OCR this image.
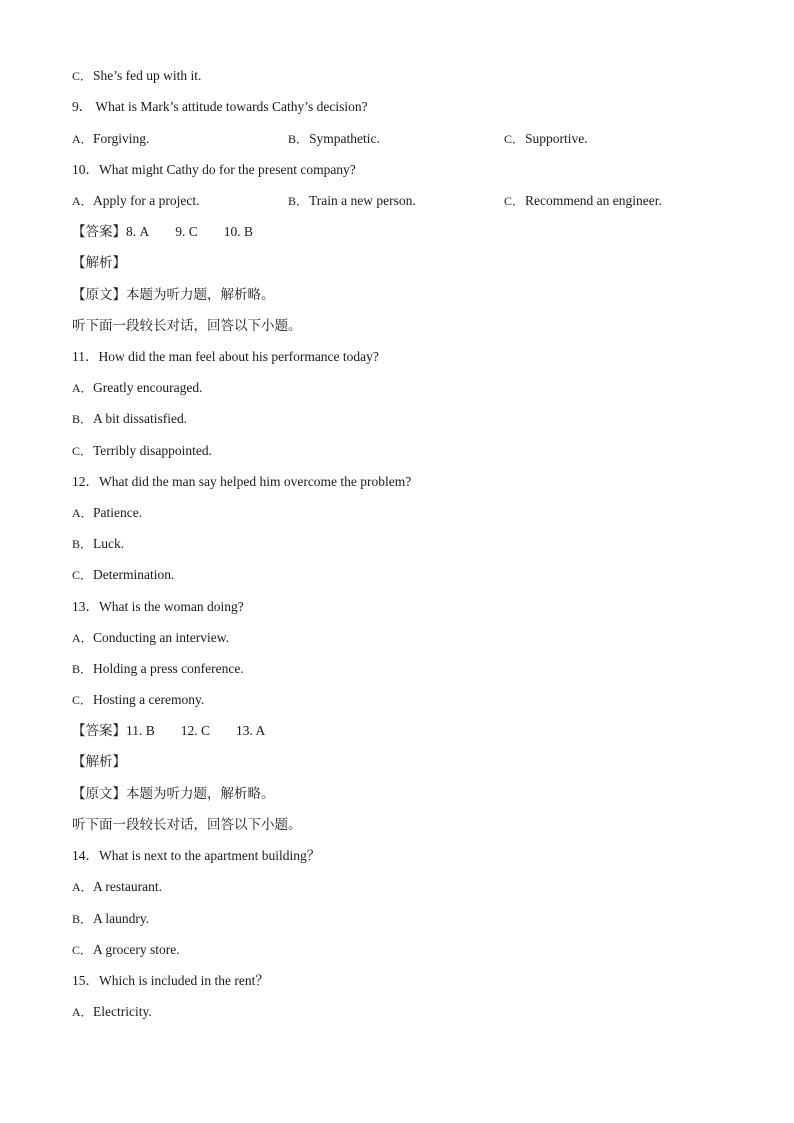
C．She’s fed up with it.
9． What is Mark’s attitude towards Cathy’s decision?
A．Forgiving.	B．Sympathetic.	C．Supportive.
10．What might Cathy do for the present company?
A．Apply for a project.	B．Train a new person.	C．Recommend an engineer.
【答案】8. A 9. C 10. B
【解析】
【原文】本题为听力题，解析略。
听下面一段较长对话，回答以下小题。
11．How did the man feel about his performance today?
A．Greatly encouraged.
B．A bit dissatisfied.
C．Terribly disappointed.
12．What did the man say helped him overcome the problem?
A．Patience.
B．Luck.
C．Determination.
13．What is the woman doing?
A．Conducting an interview.
B．Holding a press conference.
C．Hosting a ceremony.
【答案】11. B 12. C 13. A
【解析】
【原文】本题为听力题，解析略。
听下面一段较长对话，回答以下小题。
14．What is next to the apartment building？
A．A restaurant.
B．A laundry.
C．A grocery store.
15．Which is included in the rent？
A．Electricity.
